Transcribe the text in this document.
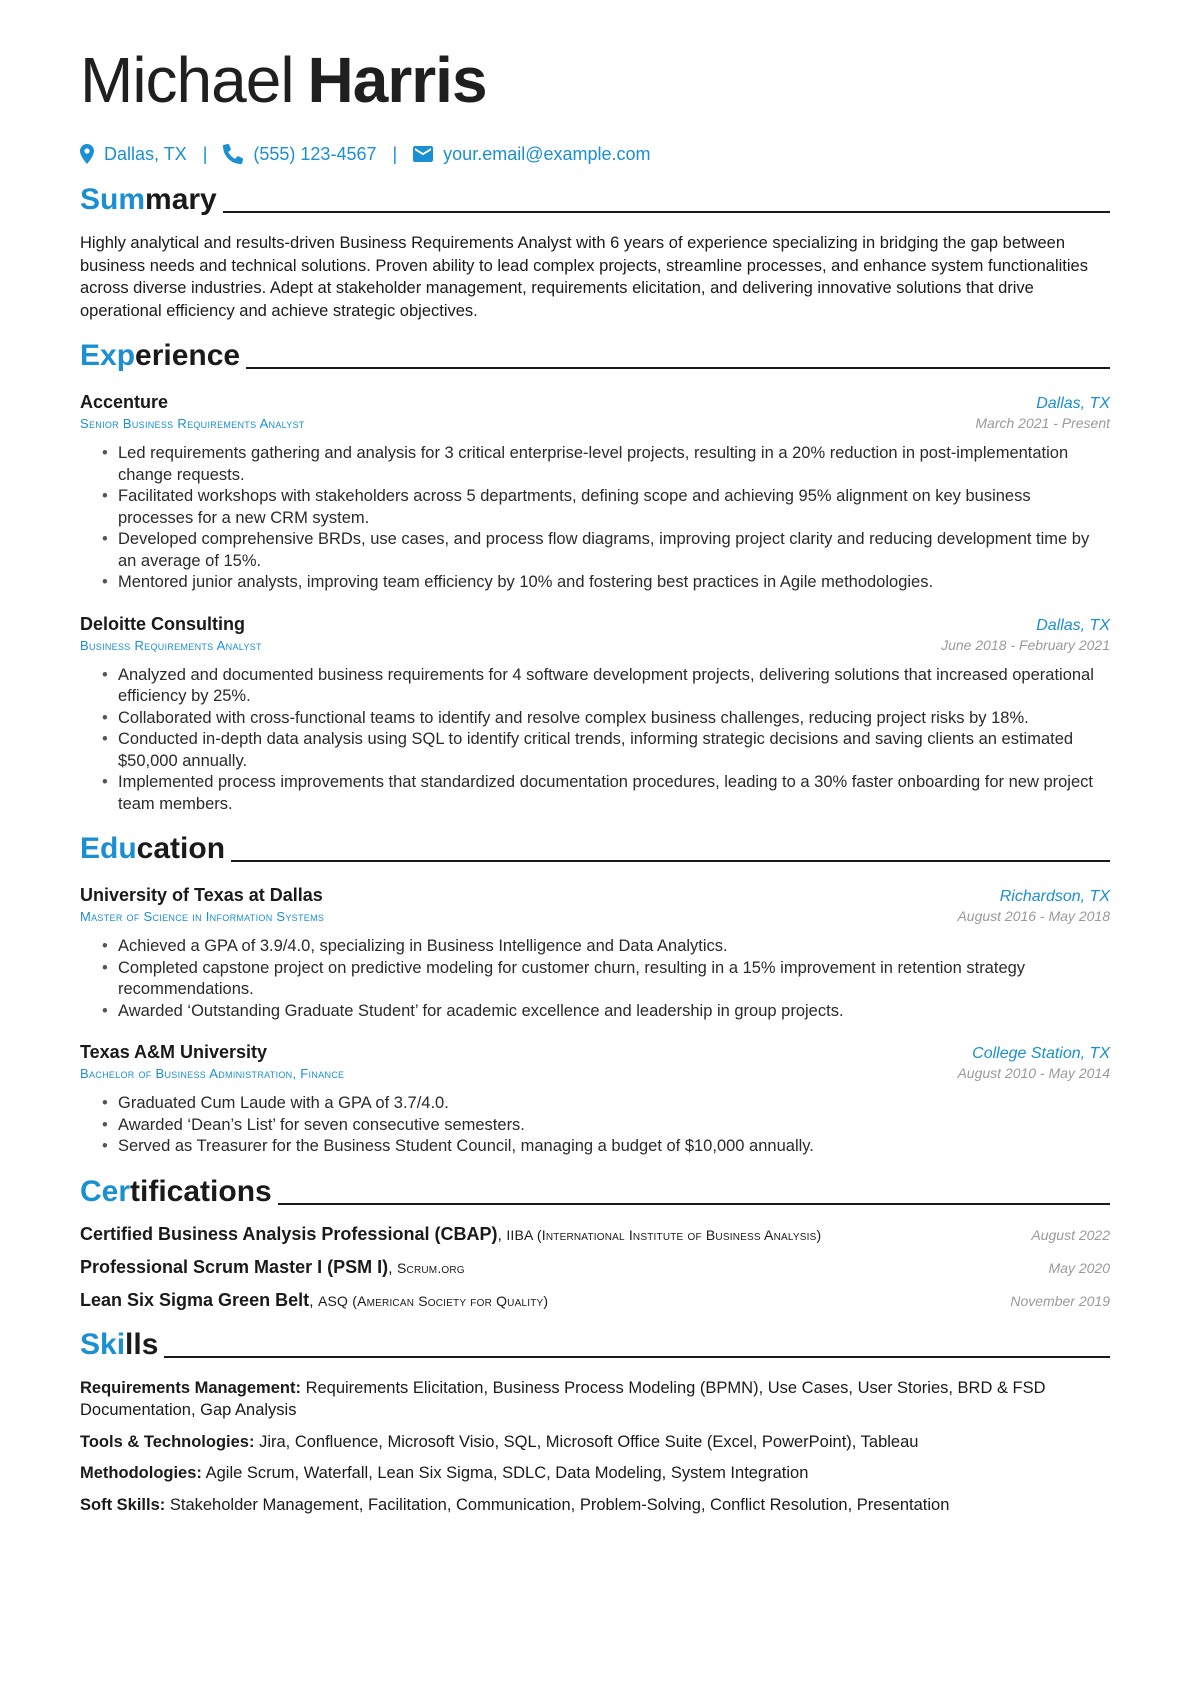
Michael Harris
Dallas, TX |	(555) 123-4567 |	your.email@example.com
Summary
Highly analytical and results-driven Business Requirements Analyst with 6 years of experience specializing in bridging the gap between business needs and technical solutions. Proven ability to lead complex projects, streamline processes, and enhance system functionalities across diverse industries. Adept at stakeholder management, requirements elicitation, and delivering innovative solutions that drive operational efficiency and achieve strategic objectives.
Experience
Accenture	Dallas, TX
Senior Business Requirements Analyst	March 2021 - Present
• Led requirements gathering and analysis for 3 critical enterprise-level projects, resulting in a 20% reduction in post-implementation change requests.
• Facilitated workshops with stakeholders across 5 departments, defining scope and achieving 95% alignment on key business processes for a new CRM system.
• Developed comprehensive BRDs, use cases, and process flow diagrams, improving project clarity and reducing development time by an average of 15%.
• Mentored junior analysts, improving team efficiency by 10% and fostering best practices in Agile methodologies.
Deloitte Consulting	Dallas, TX
Business Requirements Analyst	June 2018 - February 2021
• Analyzed and documented business requirements for 4 software development projects, delivering solutions that increased operational efficiency by 25%.
• Collaborated with cross-functional teams to identify and resolve complex business challenges, reducing project risks by 18%.
• Conducted in-depth data analysis using SQL to identify critical trends, informing strategic decisions and saving clients an estimated $50,000 annually.
• Implemented process improvements that standardized documentation procedures, leading to a 30% faster onboarding for new project team members.
Education
University of Texas at Dallas	Richardson, TX
Master of Science in Information Systems	August 2016 - May 2018
• Achieved a GPA of 3.9/4.0, specializing in Business Intelligence and Data Analytics.
• Completed capstone project on predictive modeling for customer churn, resulting in a 15% improvement in retention strategy recommendations.
• Awarded ‘Outstanding Graduate Student’ for academic excellence and leadership in group projects.
Texas A&M University	College Station, TX
Bachelor of Business Administration, Finance	August 2010 - May 2014
• Graduated Cum Laude with a GPA of 3.7/4.0.
• Awarded ‘Dean’s List’ for seven consecutive semesters.
• Served as Treasurer for the Business Student Council, managing a budget of $10,000 annually.
Certifications
Certified Business Analysis Professional (CBAP), IIBA (International Institute of Business Analysis)	August 2022
Professional Scrum Master I (PSM I), Scrum.org	May 2020
Lean Six Sigma Green Belt, ASQ (American Society for Quality)	November 2019
Skills
Requirements Management: Requirements Elicitation, Business Process Modeling (BPMN), Use Cases, User Stories, BRD & FSD Documentation, Gap Analysis
Tools & Technologies: Jira, Confluence, Microsoft Visio, SQL, Microsoft Office Suite (Excel, PowerPoint), Tableau
Methodologies: Agile Scrum, Waterfall, Lean Six Sigma, SDLC, Data Modeling, System Integration
Soft Skills: Stakeholder Management, Facilitation, Communication, Problem-Solving, Conflict Resolution, Presentation
